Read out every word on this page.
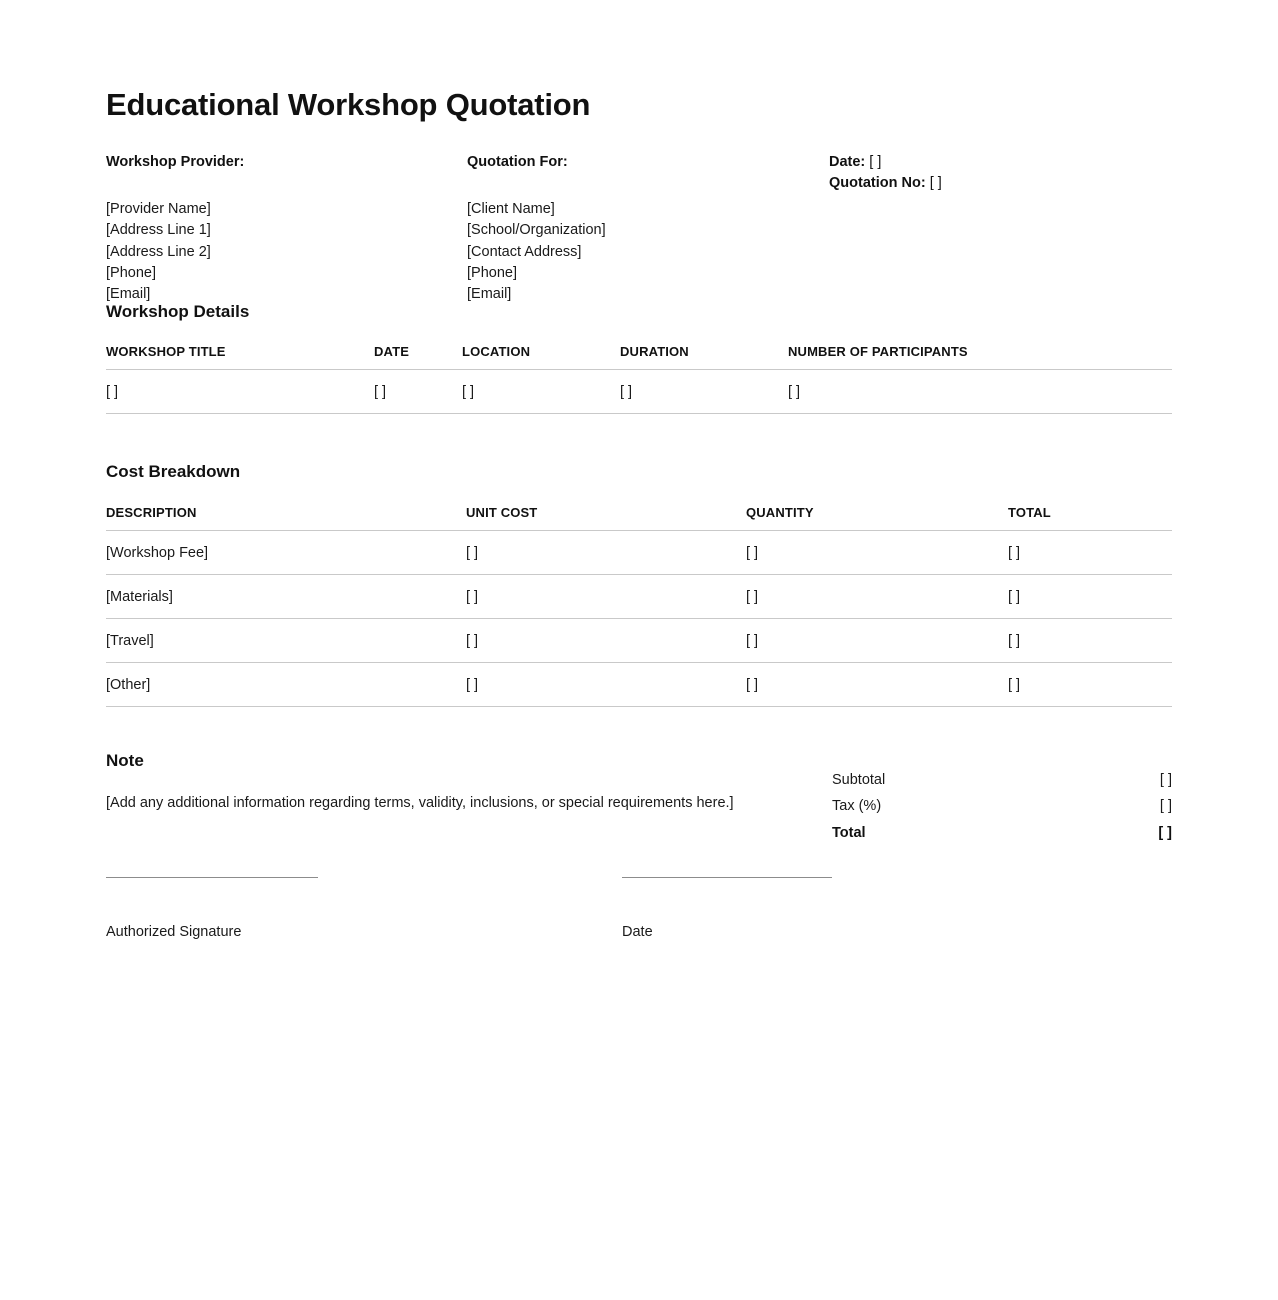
Educational Workshop Quotation
Workshop Provider:
[Provider Name]
[Address Line 1]
[Address Line 2]
[Phone]
[Email]
Quotation For:
[Client Name]
[School/Organization]
[Contact Address]
[Phone]
[Email]
Date: [ ]
Quotation No: [ ]
Workshop Details
WORKSHOP TITLE	DATE	LOCATION	DURATION	NUMBER OF PARTICIPANTS
[ ]	[ ]	[ ]	[ ]	[ ]
Cost Breakdown
DESCRIPTION	UNIT COST	QUANTITY	TOTAL
[Workshop Fee]	[ ]	[ ]	[ ]
[Materials]	[ ]	[ ]	[ ]
[Travel]	[ ]	[ ]	[ ]
[Other]	[ ]	[ ]	[ ]
Note
[Add any additional information regarding terms, validity, inclusions, or special requirements here.]
Subtotal	[ ]
Tax (%)	[ ]
Total	[ ]
Authorized Signature	Date
